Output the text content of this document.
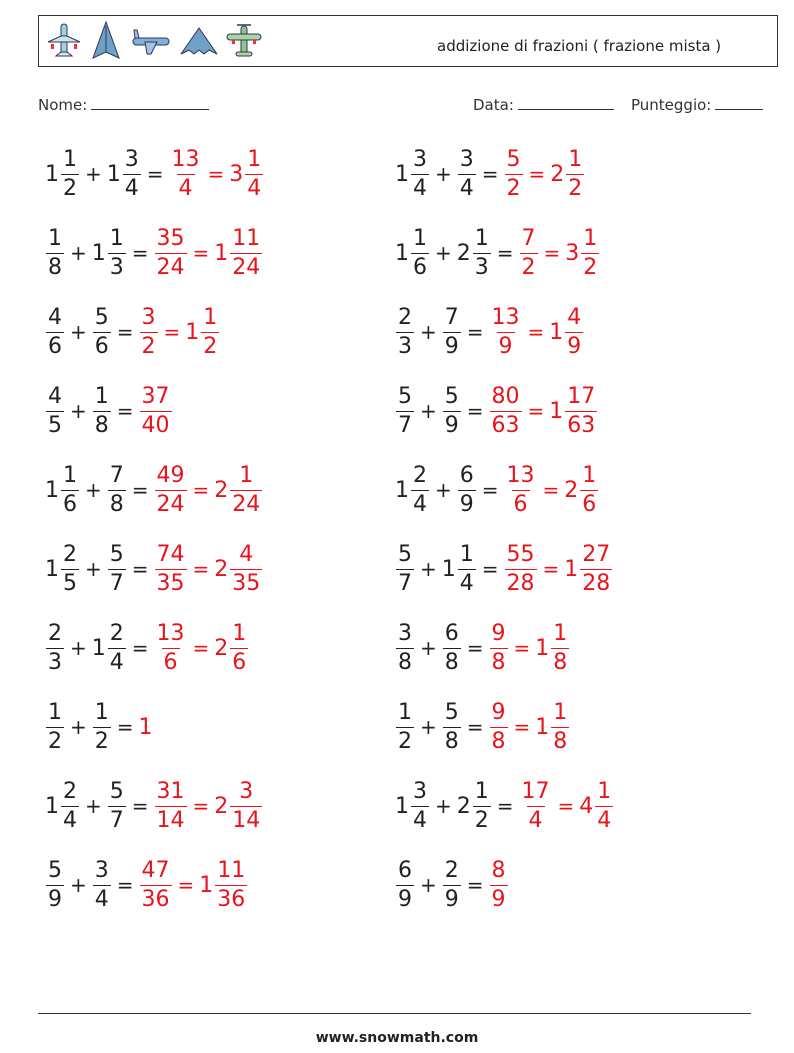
addizione di frazioni ( frazione mista )
Nome:	Data:	Punteggio:
$1 \frac{1}{2} + 1 \frac{3}{4} = \frac{13}{4} = 3 \frac{1}{4}$	$1 \frac{3}{4} + \frac{3}{4} = \frac{5}{2} = 2 \frac{1}{2}$
$\frac{1}{8} + 1 \frac{1}{3} = \frac{35}{24} = 1 \frac{11}{24}$	$1 \frac{1}{6} + 2 \frac{1}{3} = \frac{7}{2} = 3 \frac{1}{2}$
$\frac{4}{6} + \frac{5}{6} = \frac{3}{2} = 1 \frac{1}{2}$	$\frac{2}{3} + \frac{7}{9} = \frac{13}{9} = 1 \frac{4}{9}$
$\frac{4}{5} + \frac{1}{8} = \frac{37}{40}$	$\frac{5}{7} + \frac{5}{9} = \frac{80}{63} = 1 \frac{17}{63}$
$1 \frac{1}{6} + \frac{7}{8} = \frac{49}{24} = 2 \frac{1}{24}$	$1 \frac{2}{4} + \frac{6}{9} = \frac{13}{6} = 2 \frac{1}{6}$
$1 \frac{2}{5} + \frac{5}{7} = \frac{74}{35} = 2 \frac{4}{35}$	$\frac{5}{7} + 1 \frac{1}{4} = \frac{55}{28} = 1 \frac{27}{28}$
$\frac{2}{3} + 1 \frac{2}{4} = \frac{13}{6} = 2 \frac{1}{6}$	$\frac{3}{8} + \frac{6}{8} = \frac{9}{8} = 1 \frac{1}{8}$
$\frac{1}{2} + \frac{1}{2} = 1$	$\frac{1}{2} + \frac{5}{8} = \frac{9}{8} = 1 \frac{1}{8}$
$1 \frac{2}{4} + \frac{5}{7} = \frac{31}{14} = 2 \frac{3}{14}$	$1 \frac{3}{4} + 2 \frac{1}{2} = \frac{17}{4} = 4 \frac{1}{4}$
$\frac{5}{9} + \frac{3}{4} = \frac{47}{36} = 1 \frac{11}{36}$	$\frac{6}{9} + \frac{2}{9} = \frac{8}{9}$
www.snowmath.com
